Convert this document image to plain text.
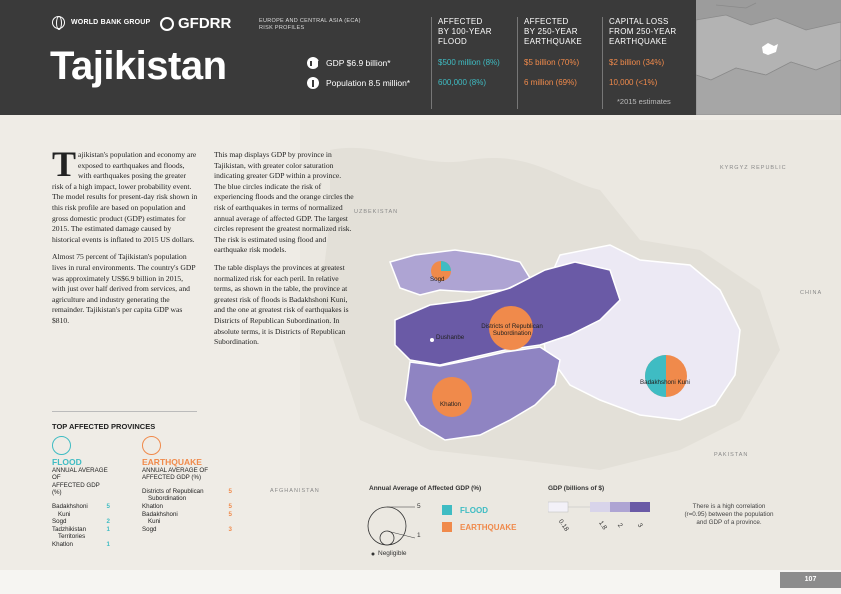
WORLD BANK GROUP GFDRR	EUROPE AND CENTRAL ASIA (ECA)
RISK PROFILES
Tajikistan	GDP $6.9 billion*
Population 8.5 million*
AFFECTED
BY 100-YEAR
FLOOD
$500 million (8%)
600,000 (8%)
AFFECTED
BY 250-YEAR
EARTHQUAKE
$5 billion (70%)
6 million (69%)
CAPITAL LOSS
FROM 250-YEAR
EARTHQUAKE
$2 billion (34%)
10,000 (<1%)
*2015 estimates
UZBEKISTAN
KYRGYZ REPUBLIC
CHINA
AFGHANISTAN
PAKISTAN
Sogd
Districts of Republican
Subordination
Dushanbe
Khatlon
Badakhshoni Kuni

Tajikistan's population and economy are exposed to earthquakes and floods, with earthquakes posing the greater risk of a high impact, lower probability event. The model results for present-day risk shown in this risk profile are based on population and gross domestic product (GDP) estimates for 2015. The estimated damage caused by historical events is inflated to 2015 US dollars.

Almost 75 percent of Tajikistan's population lives in rural environments. The country's GDP was approximately US$6.9 billion in 2015, with just over half derived from services, and agriculture and industry generating the remainder. Tajikistan's per capita GDP was $810.

This map displays GDP by province in Tajikistan, with greater color saturation indicating greater GDP within a province. The blue circles indicate the risk of experiencing floods and the orange circles the risk of earthquakes in terms of normalized annual average of affected GDP. The largest circles represent the greatest normalized risk. The risk is estimated using flood and earthquake risk models.

The table displays the provinces at greatest normalized risk for each peril. In relative terms, as shown in the table, the province at greatest risk of floods is Badakhshoni Kuni, and the one at greatest risk of earthquakes is Districts of Republican Subordination. In absolute terms, it is Districts of Republican Subordination.

TOP AFFECTED PROVINCES
FLOOD
ANNUAL AVERAGE OF
AFFECTED GDP (%)
Badakhshoni	5
Kuni
Sogd	2
Tadzhikistan	1
Territories
Khatlon	1
EARTHQUAKE
ANNUAL AVERAGE OF
AFFECTED GDP (%)
Districts of Republican	5
Subordination
Khatlon	5
Badakhshoni	5
Kuni
Sogd	3
Annual Average of Affected GDP (%)
5
1
Negligible
FLOOD
EARTHQUAKE
GDP (billions of $)
0.18	1.8 2 3
There is a high correlation (r=0.95) between the population and GDP of a province.
107
